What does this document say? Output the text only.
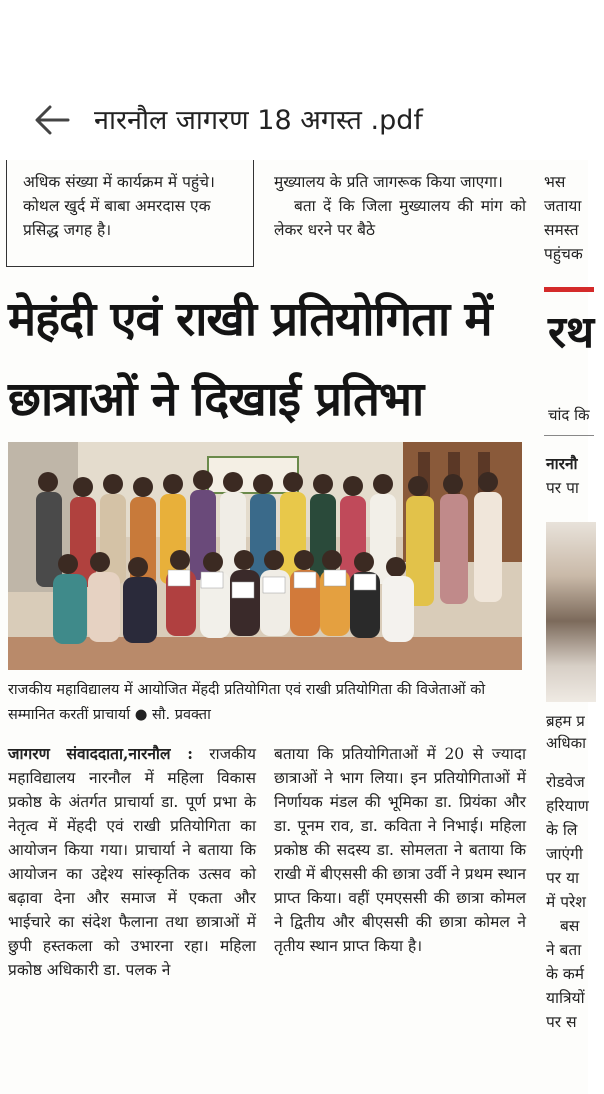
नारनौल जागरण 18 अगस्त .pdf

अधिक संख्या में कार्यक्रम में पहुंचे। कोथल खुर्द में बाबा अमरदास एक प्रसिद्ध जगह है।

मुख्यालय के प्रति जागरूक किया जाएगा।

बता दें कि जिला मुख्यालय की मांग को लेकर धरने पर बैठे

भस
जताया
समस्त
पहुंचक
मेहंदी एवं राखी प्रतियोगिता में
छात्राओं ने दिखाई प्रतिभा
राजकीय महाविद्यालय में आयोजित मेंहदी प्रतियोगिता एवं राखी प्रतियोगिता की विजेताओं को सम्मानित करतीं प्राचार्या ● सौ. प्रवक्ता

जागरण संवाददाता,नारनौल : राजकीय महाविद्यालय नारनौल में महिला विकास प्रकोष्ठ के अंतर्गत प्राचार्या डा. पूर्ण प्रभा के नेतृत्व में मेंहदी एवं राखी प्रतियोगिता का आयोजन किया गया। प्राचार्या ने बताया कि आयोजन का उद्देश्य सांस्कृतिक उत्सव को बढ़ावा देना और समाज में एकता और भाईचारे का संदेश फैलाना तथा छात्राओं में छुपी हस्तकला को उभारना रहा। महिला प्रकोष्ठ अधिकारी डा. पलक ने

बताया कि प्रतियोगिताओं में 20 से ज्यादा छात्राओं ने भाग लिया। इन प्रतियोगिताओं में निर्णायक मंडल की भूमिका डा. प्रियंका और डा. पूनम राव, डा. कविता ने निभाई। महिला प्रकोष्ठ की सदस्य डा. सोमलता ने बताया कि राखी में बीएससी की छात्रा उर्वी ने प्रथम स्थान प्राप्त किया। वहीं एमएससी की छात्रा कोमल ने द्वितीय और बीएससी की छात्रा कोमल ने तृतीय स्थान प्राप्त किया है।

रथ
चांद कि
नारनौ
पर पा
ब्रहम प्र
अधिका
रोडवेज
हरियाण
के लि
जाएंगी
पर या
में परेश
बस
ने बता
के कर्म
यात्रियों
पर स
